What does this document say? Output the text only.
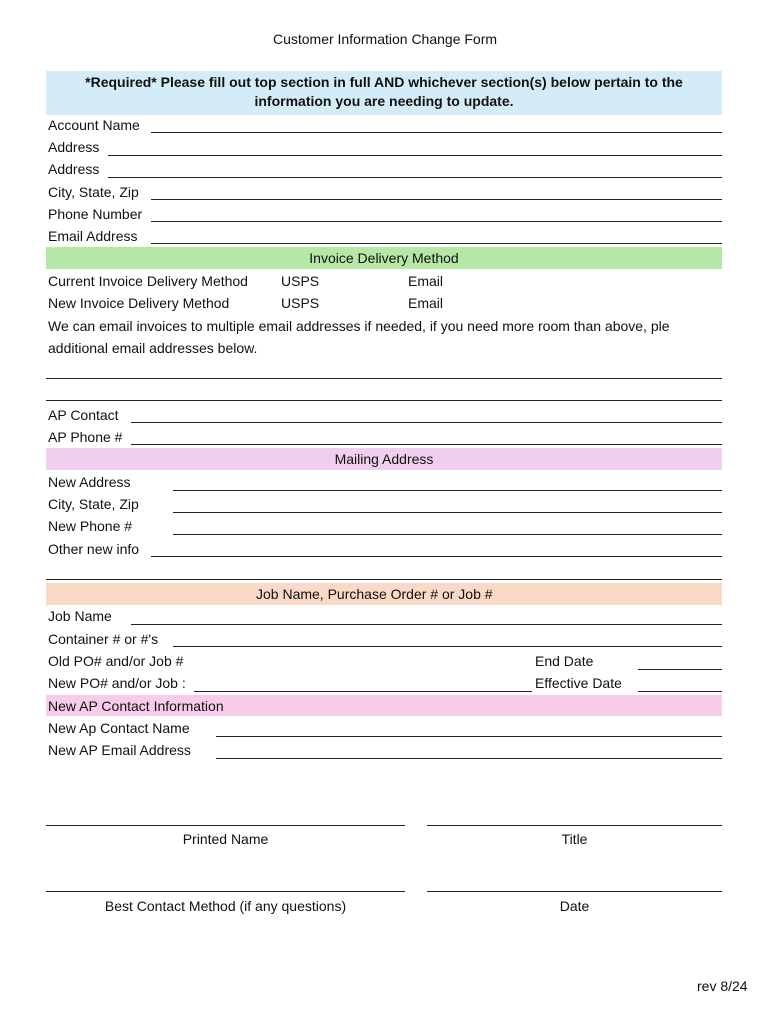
Customer Information Change Form
*Required* Please fill out top section in full AND whichever section(s) below pertain to the information you are needing to update.
Account Name
Address
Address
City, State, Zip
Phone Number
Email Address
Invoice Delivery Method
Current Invoice Delivery Method USPS	Email
New Invoice Delivery Method	USPS	Email
We can email invoices to multiple email addresses if needed, if you need more room than above, ple
additional email addresses below.
AP Contact
AP Phone #
Mailing Address
New Address
City, State, Zip
New Phone #
Other new info
Job Name, Purchase Order # or Job #
Job Name
Container # or #'s
Old PO# and/or Job #	End Date
New PO# and/or Job :	Effective Date
New AP Contact Information
New Ap Contact Name
New AP Email Address
Printed Name	Title
Best Contact Method (if any questions)	Date
rev 8/24
